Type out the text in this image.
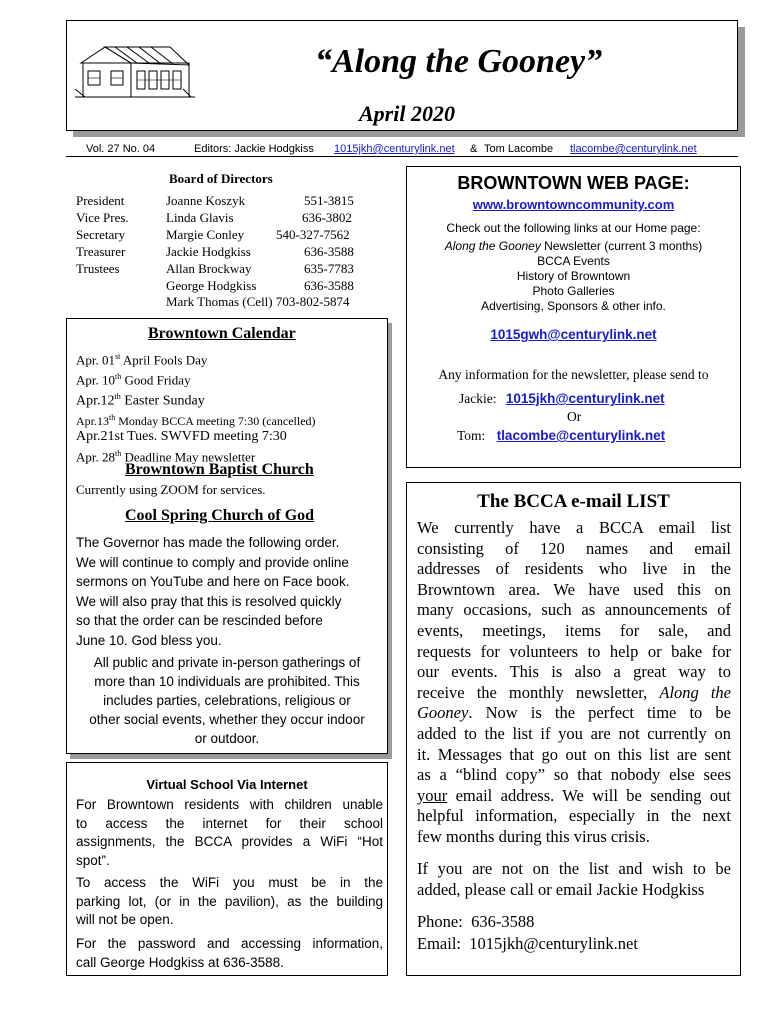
“Along the Gooney”
April 2020
Vol. 27 No. 04	Editors: Jackie Hodgkiss 1015jkh@centurylink.net & Tom Lacombe tlacombe@centurylink.net
Board of Directors
President	Joanne Koszyk	551-3815
Vice Pres.	Linda Glavis	636-3802
Secretary	Margie Conley 540-327-7562
Treasurer	Jackie Hodgkiss	636-3588
Trustees	Allan Brockway	635-7783
George Hodgkiss	636-3588
Mark Thomas (Cell) 703-802-5874
Browntown Calendar
Apr. 01st April Fools Day
Apr. 10th Good Friday
Apr.12th Easter Sunday
Apr.13th Monday BCCA meeting 7:30 (cancelled)
Apr.21st Tues. SWVFD meeting 7:30
Apr. 28th Deadline May newsletter
Browntown Baptist Church
Currently using ZOOM for services.
Cool Spring Church of God
The Governor has made the following order.
We will continue to comply and provide online
sermons on YouTube and here on Face book.
We will also pray that this is resolved quickly
so that the order can be rescinded before
June 10. God bless you.
All public and private in-person gatherings of
more than 10 individuals are prohibited. This
includes parties, celebrations, religious or
other social events, whether they occur indoor
or outdoor.
Virtual School Via Internet
For Browntown residents with children unable
to access the internet for their school
assignments, the BCCA provides a WiFi “Hot
spot”.
To access the WiFi you must be in the
parking lot, (or in the pavilion), as the building
will not be open.
For the password and accessing information,
call George Hodgkiss at 636-3588.
BROWNTOWN WEB PAGE:
www.browntowncommunity.com
Check out the following links at our Home page:
Along the Gooney Newsletter (current 3 months)
BCCA Events
History of Browntown
Photo Galleries
Advertising, Sponsors & other info.
1015gwh@centurylink.net
Any information for the newsletter, please send to
Jackie: 1015jkh@centurylink.net
Or
Tom: tlacombe@centurylink.net
The BCCA e-mail LIST
We currently have a BCCA email list
consisting of 120 names and email
addresses of residents who live in the
Browntown area. We have used this on
many occasions, such as announcements of
events, meetings, items for sale, and
requests for volunteers to help or bake for
our events. This is also a great way to
receive the monthly newsletter, Along the
Gooney. Now is the perfect time to be
added to the list if you are not currently on
it. Messages that go out on this list are sent
as a “blind copy” so that nobody else sees
your email address. We will be sending out
helpful information, especially in the next
few months during this virus crisis.
If you are not on the list and wish to be
added, please call or email Jackie Hodgkiss
Phone:  636-3588
Email:  1015jkh@centurylink.net
